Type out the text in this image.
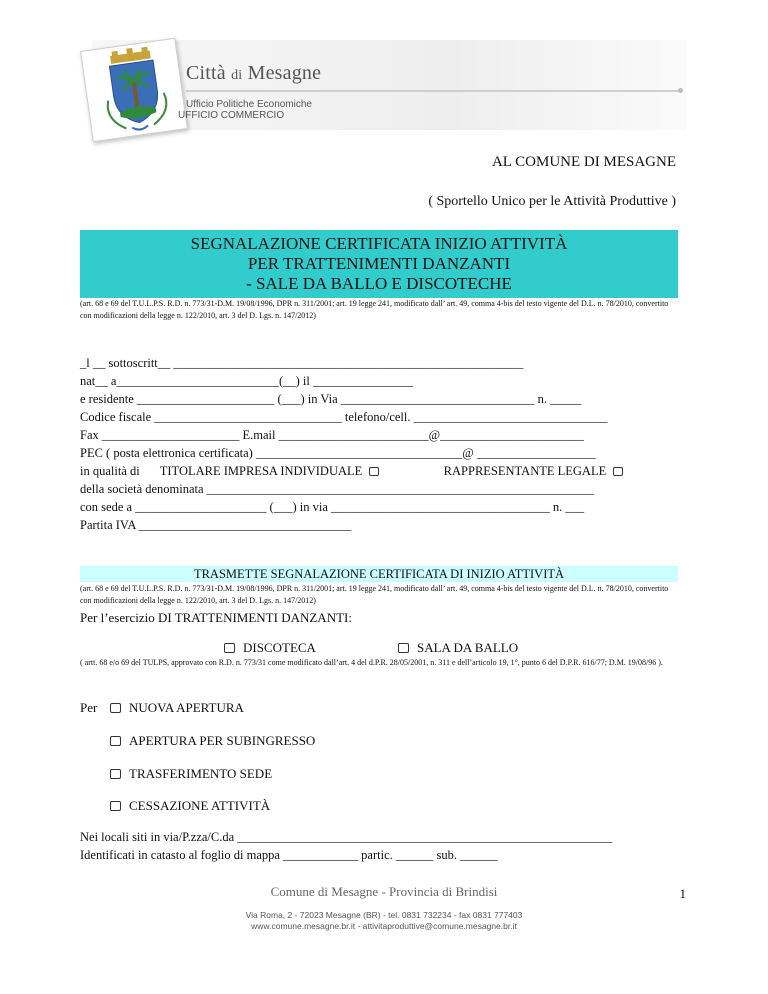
Città di Mesagne
Ufficio Politiche Economiche
UFFICIO COMMERCIO
AL COMUNE DI MESAGNE
( Sportello Unico per le Attività Produttive )
SEGNALAZIONE CERTIFICATA INIZIO ATTIVITÀ
PER TRATTENIMENTI DANZANTI
- SALE DA BALLO E DISCOTECHE
(art. 68 e 69 del T.U.L.P.S. R.D. n. 773/31-D.M. 19/08/1996, DPR n. 311/2001; art. 19 legge 241, modificato dall’ art. 49, comma 4-bis del testo vigente del D.L. n. 78/2010, convertito con modificazioni della legge n. 122/2010, art. 3 del D. Lgs. n. 147/2012)
_l __ sottoscritt__ ________________________________________________________
nat__ a__________________________(__) il ________________
e residente ______________________ (___) in Via _______________________________ n. _____
Codice fiscale ______________________________ telefono/cell. _______________________________
Fax ______________________ E.mail ________________________@_______________________
PEC ( posta elettronica certificata) _________________________________@ ___________________
in qualità di TITOLARE IMPRESA INDIVIDUALE	RAPPRESENTANTE LEGALE
della società denominata ______________________________________________________________
con sede a _____________________ (___) in via ___________________________________ n. ___
Partita IVA __________________________________
TRASMETTE SEGNALAZIONE CERTIFICATA DI INIZIO ATTIVITÀ
(art. 68 e 69 del T.U.L.P.S. R.D. n. 773/31-D.M. 19/08/1996, DPR n. 311/2001; art. 19 legge 241, modificato dall’ art. 49, comma 4-bis del testo vigente del D.L. n. 78/2010, convertito con modificazioni della legge n. 122/2010, art. 3 del D. Lgs. n. 147/2012)
Per l’esercizio DI TRATTENIMENTI DANZANTI:
DISCOTECA	SALA DA BALLO
( artt. 68 e/o 69 del TULPS, approvato con R.D. n. 773/31 come modificato dall’art. 4 del d.P.R. 28/05/2001, n. 311 e dell’articolo 19, 1°, punto 6 del D.P.R. 616/77; D.M. 19/08/96 ).
Per	NUOVA APERTURA
APERTURA PER SUBINGRESSO
TRASFERIMENTO SEDE
CESSAZIONE ATTIVITÀ
Nei locali siti in via/P.zza/C.da ____________________________________________________________
Identificati in catasto al foglio di mappa ____________ partic. ______ sub. ______
Comune di Mesagne - Provincia di Brindisi	1
Via Roma, 2 - 72023 Mesagne (BR) - tel. 0831 732234 - fax 0831 777403
www.comune.mesagne.br.it - attivitaproduttive@comune.mesagne.br.it
